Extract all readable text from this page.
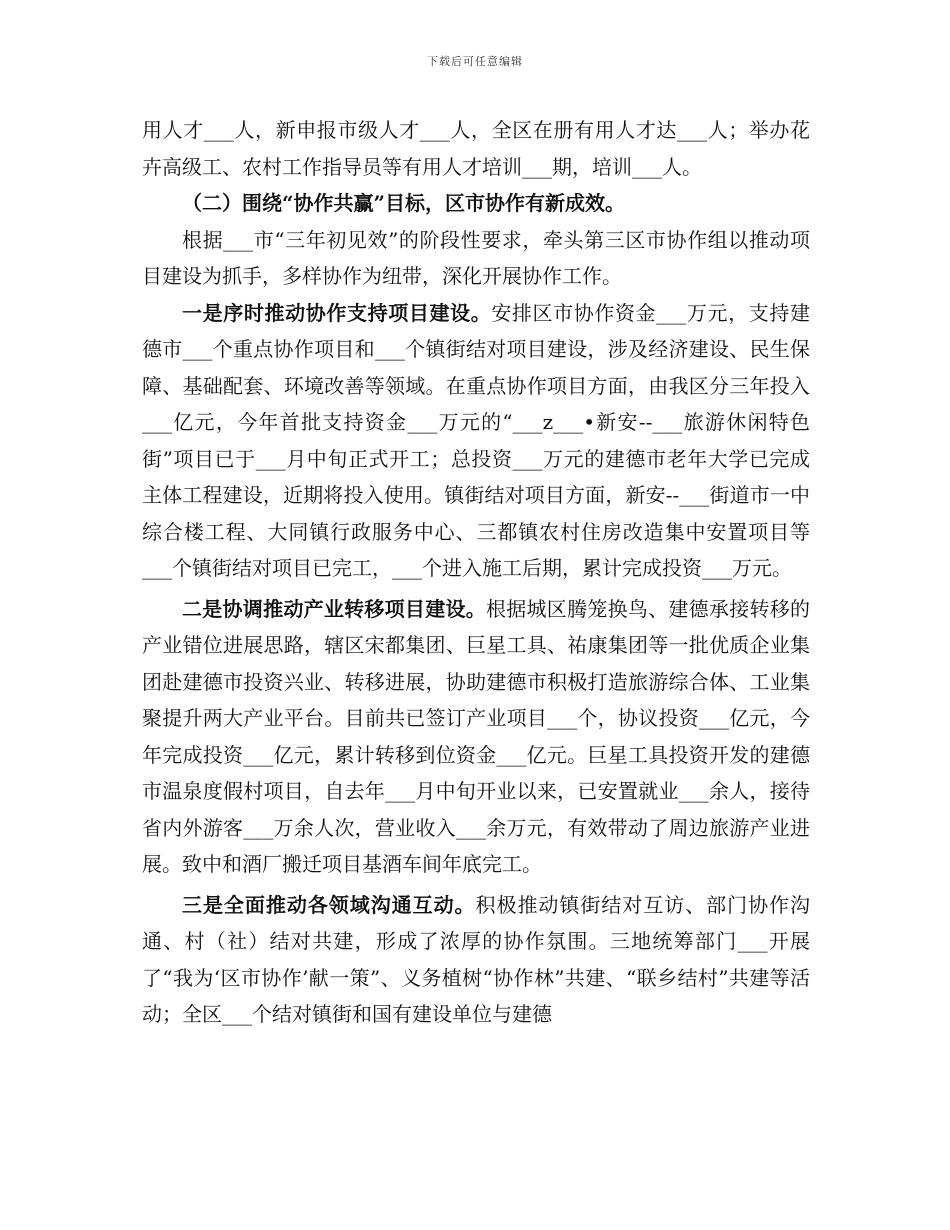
下载后可任意编辑

用人才___人，新申报市级人才___人，全区在册有用人才达___人；举办花卉高级工、农村工作指导员等有用人才培训___期，培训___人。

（二）围绕“协作共赢”目标，区市协作有新成效。

根据___市“三年初见效”的阶段性要求，牵头第三区市协作组以推动项目建设为抓手，多样协作为纽带，深化开展协作工作。

一是序时推动协作支持项目建设。安排区市协作资金___万元，支持建德市___个重点协作项目和___个镇街结对项目建设，涉及经济建设、民生保障、基础配套、环境改善等领域。在重点协作项目方面，由我区分三年投入___亿元，今年首批支持资金___万元的“___z___•新安--___旅游休闲特色街”项目已于___月中旬正式开工；总投资___万元的建德市老年大学已完成主体工程建设，近期将投入使用。镇街结对项目方面，新安--___街道市一中综合楼工程、大同镇行政服务中心、三都镇农村住房改造集中安置项目等___个镇街结对项目已完工，___个进入施工后期，累计完成投资___万元。

二是协调推动产业转移项目建设。根据城区腾笼换鸟、建德承接转移的产业错位进展思路，辖区宋都集团、巨星工具、祐康集团等一批优质企业集团赴建德市投资兴业、转移进展，协助建德市积极打造旅游综合体、工业集聚提升两大产业平台。目前共已签订产业项目___个，协议投资___亿元，今年完成投资___亿元，累计转移到位资金___亿元。巨星工具投资开发的建德市温泉度假村项目，自去年___月中旬开业以来，已安置就业___余人，接待省内外游客___万余人次，营业收入___余万元，有效带动了周边旅游产业进展。致中和酒厂搬迁项目基酒车间年底完工。

三是全面推动各领域沟通互动。积极推动镇街结对互访、部门协作沟通、村（社）结对共建，形成了浓厚的协作氛围。三地统筹部门___开展了“我为‘区市协作’献一策”、义务植树“协作林”共建、“联乡结村”共建等活动；全区___个结对镇街和国有建设单位与建德
